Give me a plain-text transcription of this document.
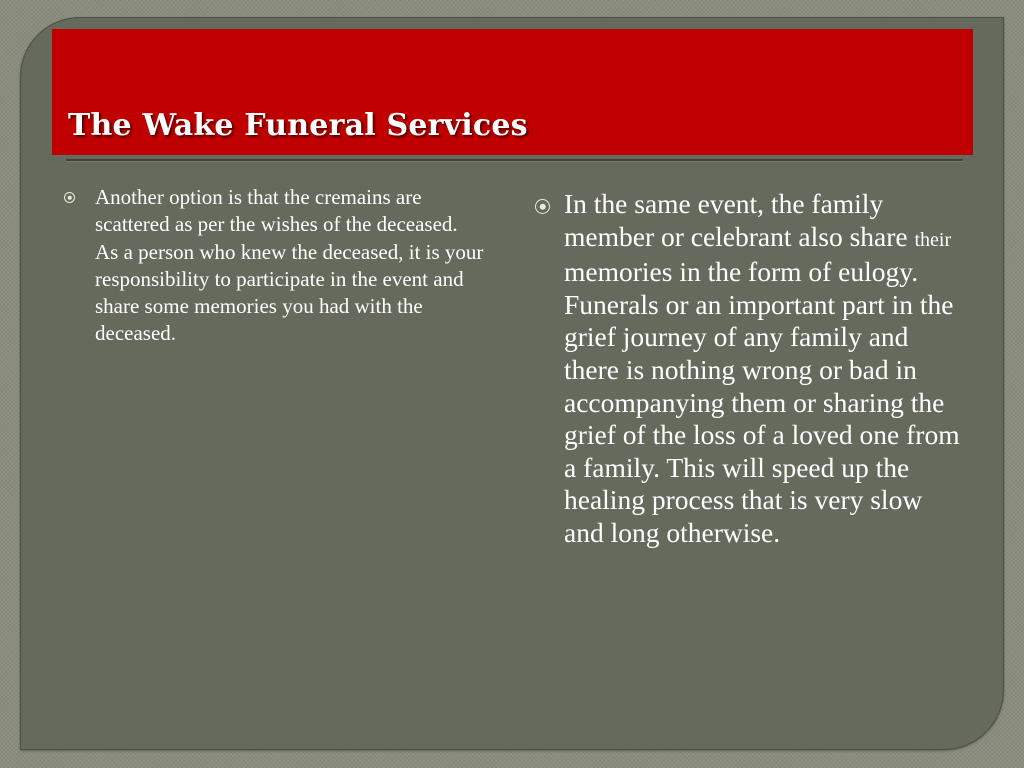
The Wake Funeral Services

Another option is that the cremains are scattered as per the wishes of the deceased. As a person who knew the deceased, it is your responsibility to participate in the event and share some memories you had with the deceased.

In the same event, the family member or celebrant also share their memories in the form of eulogy. Funerals or an important part in the grief journey of any family and there is nothing wrong or bad in accompanying them or sharing the grief of the loss of a loved one from a family. This will speed up the healing process that is very slow and long otherwise.
